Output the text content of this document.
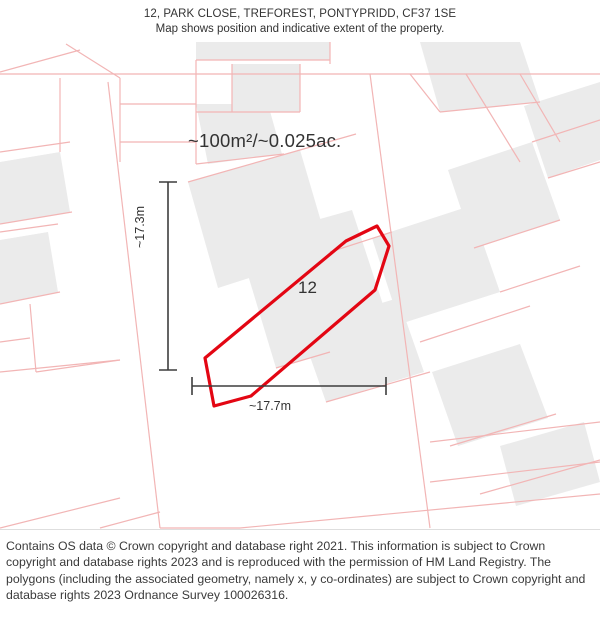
12, PARK CLOSE, TREFOREST, PONTYPRIDD, CF37 1SE
Map shows position and indicative extent of the property.
~100m²/~0.025ac.
12
~17.3m
~17.7m

Contains OS data © Crown copyright and database right 2021. This information is subject to Crown copyright and database rights 2023 and is reproduced with the permission of HM Land Registry. The polygons (including the associated geometry, namely x, y co-ordinates) are subject to Crown copyright and database rights 2023 Ordnance Survey 100026316.
